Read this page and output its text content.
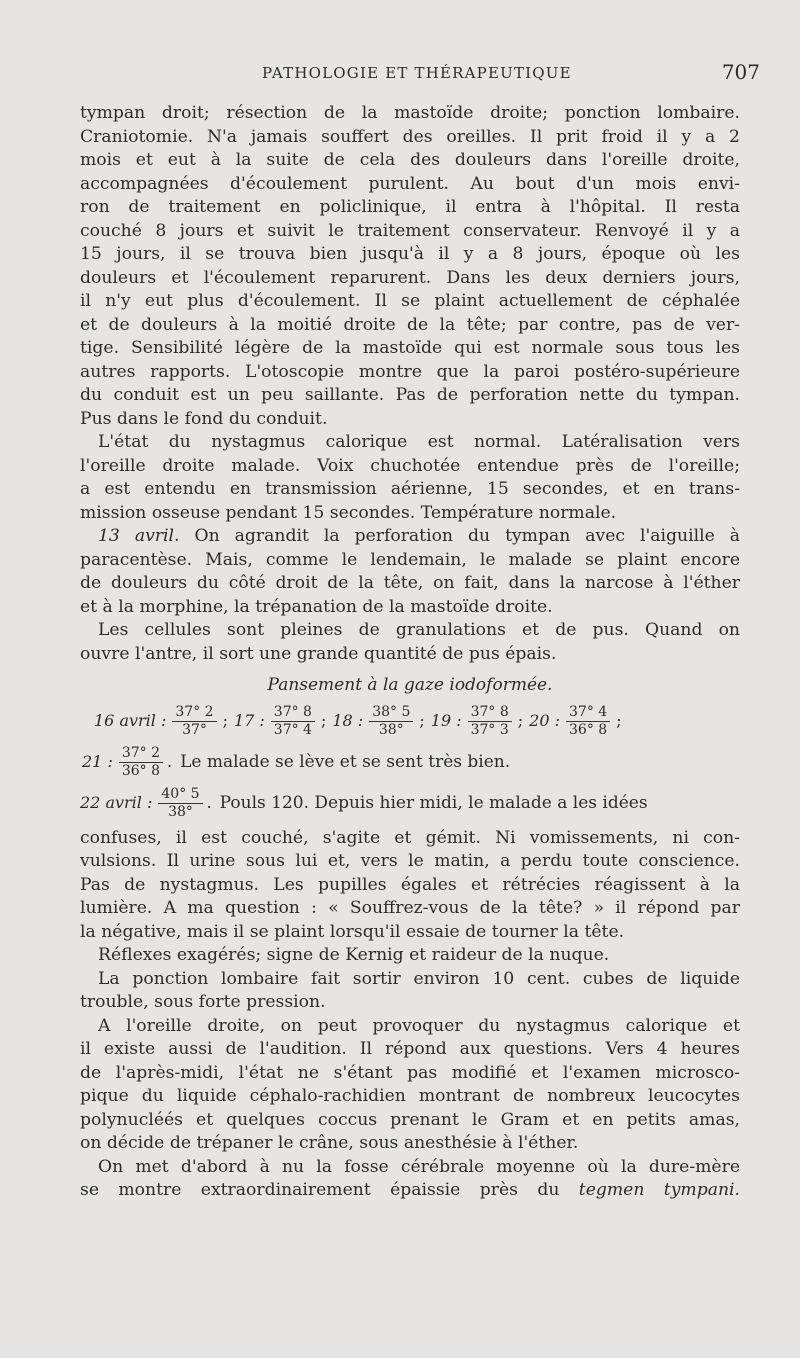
PATHOLOGIE ET THÉRAPEUTIQUE	707

tympan droit; résection de la mastoïde droite; ponction lombaire.
Craniotomie. N'a jamais souffert des oreilles. Il prit froid il y a 2
mois et eut à la suite de cela des douleurs dans l'oreille droite,
accompagnées d'écoulement purulent. Au bout d'un mois envi-
ron de traitement en policlinique, il entra à l'hôpital. Il resta
couché 8 jours et suivit le traitement conservateur. Renvoyé il y a
15 jours, il se trouva bien jusqu'à il y a 8 jours, époque où les
douleurs et l'écoulement reparurent. Dans les deux derniers jours,
il n'y eut plus d'écoulement. Il se plaint actuellement de céphalée
et de douleurs à la moitié droite de la tête; par contre, pas de ver-
tige. Sensibilité légère de la mastoïde qui est normale sous tous les
autres rapports. L'otoscopie montre que la paroi postéro-supérieure
du conduit est un peu saillante. Pas de perforation nette du tympan.
Pus dans le fond du conduit.

L'état du nystagmus calorique est normal. Latéralisation vers
l'oreille droite malade. Voix chuchotée entendue près de l'oreille;
a est entendu en transmission aérienne, 15 secondes, et en trans-
mission osseuse pendant 15 secondes. Température normale.

13 avril. On agrandit la perforation du tympan avec l'aiguille à
paracentèse. Mais, comme le lendemain, le malade se plaint encore
de douleurs du côté droit de la tête, on fait, dans la narcose à l'éther
et à la morphine, la trépanation de la mastoïde droite.

Les cellules sont pleines de granulations et de pus. Quand on
ouvre l'antre, il sort une grande quantité de pus épais.

Pansement à la gaze iodoformée.
16 avril : $\frac{37^\circ 2}{37^\circ}$ ; 17 : $\frac{37^\circ 8}{37^\circ 4}$ ; 18 : $\frac{38^\circ 5}{38^\circ}$ ; 19 : $\frac{37^\circ 8}{37^\circ 3}$ ; 20 : $\frac{37^\circ 4}{36^\circ 8}$ ;
21 : $\frac{37^\circ 2}{36^\circ 8}$ . Le malade se lève et se sent très bien.
22 avril : $\frac{40^\circ 5}{38^\circ}$ . Pouls 120. Depuis hier midi, le malade a les idées

confuses, il est couché, s'agite et gémit. Ni vomissements, ni con-
vulsions. Il urine sous lui et, vers le matin, a perdu toute conscience.
Pas de nystagmus. Les pupilles égales et rétrécies réagissent à la
lumière. A ma question : « Souffrez-vous de la tête? » il répond par
la négative, mais il se plaint lorsqu'il essaie de tourner la tête.

Réflexes exagérés; signe de Kernig et raideur de la nuque.

La ponction lombaire fait sortir environ 10 cent. cubes de liquide
trouble, sous forte pression.

A l'oreille droite, on peut provoquer du nystagmus calorique et
il existe aussi de l'audition. Il répond aux questions. Vers 4 heures
de l'après-midi, l'état ne s'étant pas modifié et l'examen microsco-
pique du liquide céphalo-rachidien montrant de nombreux leucocytes
polynucléés et quelques coccus prenant le Gram et en petits amas,
on décide de trépaner le crâne, sous anesthésie à l'éther.

On met d'abord à nu la fosse cérébrale moyenne où la dure-mère
se montre extraordinairement épaissie près du tegmen tympani.
